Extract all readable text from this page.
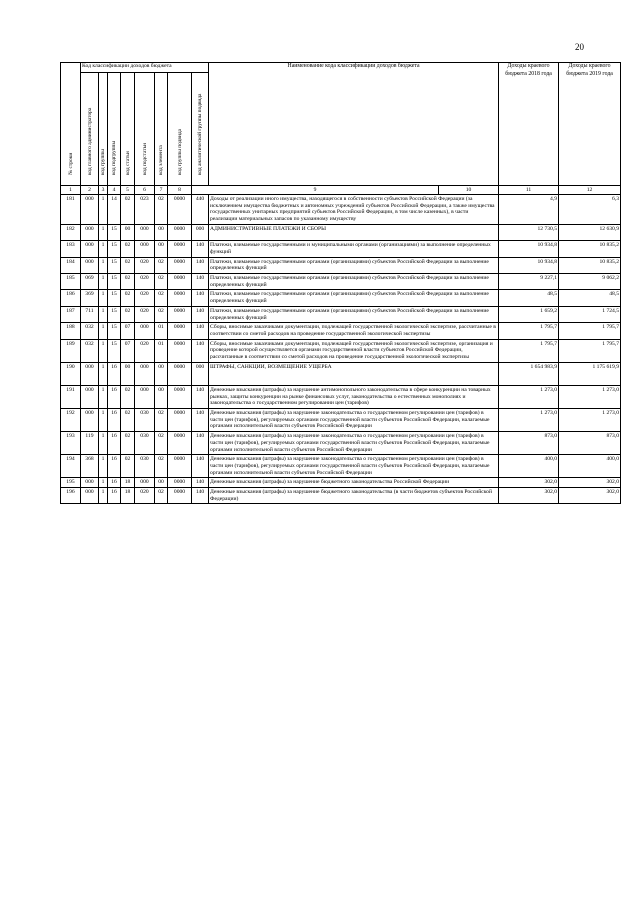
20
№ строки	Код классификации доходов бюджета								Наименование кода классификации доходов бюджета		Доходы краевого бюджета 2018 года	Доходы краевого бюджета 2019 года	

	код главного администратора	код группы	код подгруппы	код статьи	код подстатьи	код элемента	код группы подвида	код аналитической группы подвида					

1	2	3	4	5	6	7	8	9		10	11	12	
181	000	1	14	02	023	02	0000	440	Доходы от реализации иного имущества, находящегося в собственности субъектов Российской Федерации (за исключением имущества бюджетных и автономных учреждений субъектов Российской Федерации, а также имущества государственных унитарных предприятий субъектов Российской Федерации, в том числе казенных), в части реализации материальных запасов по указанному имуществу		4,9	6,3	
182	000	1	15	00	000	00	0000	000	АДМИНИСТРАТИВНЫЕ ПЛАТЕЖИ И СБОРЫ		12 730,5	12 630,9	
183	000	1	15	02	000	00	0000	140	Платежи, взимаемые государственными и муниципальными органами (организациями) за выполнение определенных функций		10 934,8	10 835,2	
184	000	1	15	02	020	02	0000	140	Платежи, взимаемые государственными органами (организациями) субъектов Российской Федерации за выполнение определенных функций		10 934,8	10 835,2	
185	069	1	15	02	020	02	0000	140	Платежи, взимаемые государственными органами (организациями) субъектов Российской Федерации за выполнение определенных функций		9 227,1	9 062,2	
186	369	1	15	02	020	02	0000	140	Платежи, взимаемые государственными органами (организациями) субъектов Российской Федерации за выполнение определенных функций		48,5	48,5	
187	711	1	15	02	020	02	0000	140	Платежи, взимаемые государственными органами (организациями) субъектов Российской Федерации за выполнение определенных функций		1 659,2	1 724,5	
188	032	1	15	07	000	01	0000	140	Сборы, вносимые заказчиками документации, подлежащей государственной экологической экспертизе, рассчитанные в соответствии со сметой расходов на проведение государственной экологической экспертизы		1 795,7	1 795,7	
189	032	1	15	07	020	01	0000	140	Сборы, вносимые заказчиками документации, подлежащей государственной экологической экспертизе, организация и проведение которой осуществляется органами государственной власти субъектов Российской Федерации, рассчитанные в соответствии со сметой расходов на проведение государственной экологической экспертизы		1 795,7	1 795,7	
190	000	1	16	00	000	00	0000	000	ШТРАФЫ, САНКЦИИ, ВОЗМЕЩЕНИЕ УЩЕРБА		1 654 983,9	1 175 619,9	
191	000	1	16	02	000	00	0000	140	Денежные взыскания (штрафы) за нарушение антимонопольного законодательства в сфере конкуренции на товарных рынках, защиты конкуренции на рынке финансовых услуг, законодательства о естественных монополиях и законодательства о государственном регулировании цен (тарифов)		1 273,0	1 273,0	
192	000	1	16	02	030	02	0000	140	Денежные взыскания (штрафы) за нарушение законодательства о государственном регулировании цен (тарифов) в части цен (тарифов), регулируемых органами государственной власти субъектов Российской Федерации, налагаемые органами исполнительной власти субъектов Российской Федерации		1 273,0	1 273,0	
193	119	1	16	02	030	02	0000	140	Денежные взыскания (штрафы) за нарушение законодательства о государственном регулировании цен (тарифов) в части цен (тарифов), регулируемых органами государственной власти субъектов Российской Федерации, налагаемые органами исполнительной власти субъектов Российской Федерации		873,0	873,0	
194	368	1	16	02	030	02	0000	140	Денежные взыскания (штрафы) за нарушение законодательства о государственном регулировании цен (тарифов) в части цен (тарифов), регулируемых органами государственной власти субъектов Российской Федерации, налагаемые органами исполнительной власти субъектов Российской Федерации		400,0	400,0	
195	000	1	16	18	000	00	0000	140	Денежные взыскания (штрафы) за нарушение бюджетного законодательства Российской Федерации		302,0	302,0	
196	000	1	16	18	020	02	0000	140	Денежные взыскания (штрафы) за нарушение бюджетного законодательства (в части бюджетов субъектов Российской Федерации)		302,0	302,0	
